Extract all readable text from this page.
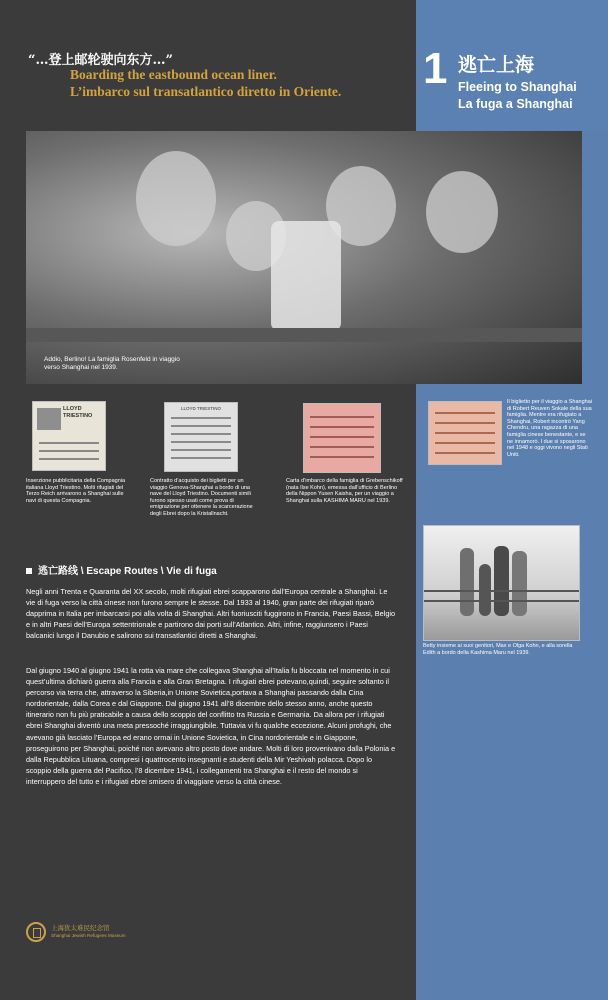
“…登上邮轮驶向东方…”
Boarding the eastbound ocean liner.
L’imbarco sul transatlantico diretto in Oriente. 1 逃亡上海
Fleeing to Shanghai
La fuga a Shanghai
Addio, Berlino! La famiglia Rosenfeld in viaggio verso Shanghai nel 1939.
LLOYD TRIESTINO
Inserzione pubblicitaria della Compagnia italiana Lloyd Triestino. Molti rifugiati del Terzo Reich arrivarono a Shanghai sulle navi di questa Compagnia.
LLOYD TRIESTINO
Contratto d’acquisto dei biglietti per un viaggio Genova-Shanghai a bordo di una nave del Lloyd Triestino. Documenti simili furono spesso usati come prova di emigrazione per ottenere la scarcerazione degli Ebrei dopo la Kristallnacht.
Carta d’imbarco della famiglia di Grebenschikoff (nata Ilse Kohn), emessa dall’ufficio di Berlino della Nippon Yusen Kaisha, per un viaggio a Shanghai sulla KASHIMA MARU nel 1939.
Il biglietto per il viaggio a Shanghai di Robert Reuven Sokale della sua famiglia. Mentre era rifugiato a Shanghai, Robert incontrò Yang Chendru, una ragazza di una famiglia cinese benestante, e se ne innamorò. I due si sposarono nel 1948 e oggi vivono negli Stati Uniti.
Betty insieme ai suoi genitori, Max e Olga Kohn, e alla sorella Edith a bordo della Kashima Maru nel 1939.
逃亡路线 \ Escape Routes \ Vie di fuga
Negli anni Trenta e Quaranta del XX secolo, molti rifugiati ebrei scapparono dall’Europa centrale a Shanghai. Le vie di fuga verso la città cinese non furono sempre le stesse. Dal 1933 al 1940, gran parte dei rifugiati riparò dapprima in Italia per imbarcarsi poi alla volta di Shanghai. Altri fuoriusciti fuggirono in Francia, Paesi Bassi, Belgio e in altri Paesi dell’Europa settentrionale e partirono dai porti sull’Atlantico. Altri, infine, raggiunsero i Paesi balcanici lungo il Danubio e salirono sui transatlantici diretti a Shanghai.
Dal giugno 1940 al giugno 1941 la rotta via mare che collegava Shanghai all’Italia fu bloccata nel momento in cui quest’ultima dichiarò guerra alla Francia e alla Gran Bretagna. I rifugiati ebrei potevano,quindi, seguire soltanto il percorso via terra che, attraverso la Siberia,in Unione Sovietica,portava a Shanghai passando dalla Cina nordorientale, dalla Corea e dal Giappone. Dal giugno 1941 all’8 dicembre dello stesso anno, anche questo itinerario non fu più praticabile a causa dello scoppio del conflitto tra Russia e Germania. Da allora per i rifugiati ebrei Shanghai diventò una meta pressoché irraggiungibile. Tuttavia vi fu qualche eccezione. Alcuni profughi, che avevano già lasciato l’Europa ed erano ormai in Unione Sovietica, in Cina nordorientale e in Giappone, proseguirono per Shanghai, poiché non avevano altro posto dove andare. Molti di loro provenivano dalla Polonia e dalla Repubblica Lituana, compresi i quattrocento insegnanti e studenti della Mir Yeshivah polacca. Dopo lo scoppio della guerra del Pacifico, l’8 dicembre 1941, i collegamenti tra Shanghai e il resto del mondo si interruppero del tutto e i rifugiati ebrei smisero di viaggiare verso la città cinese.
上海犹太难民纪念馆
Shanghai Jewish Refugees Museum
